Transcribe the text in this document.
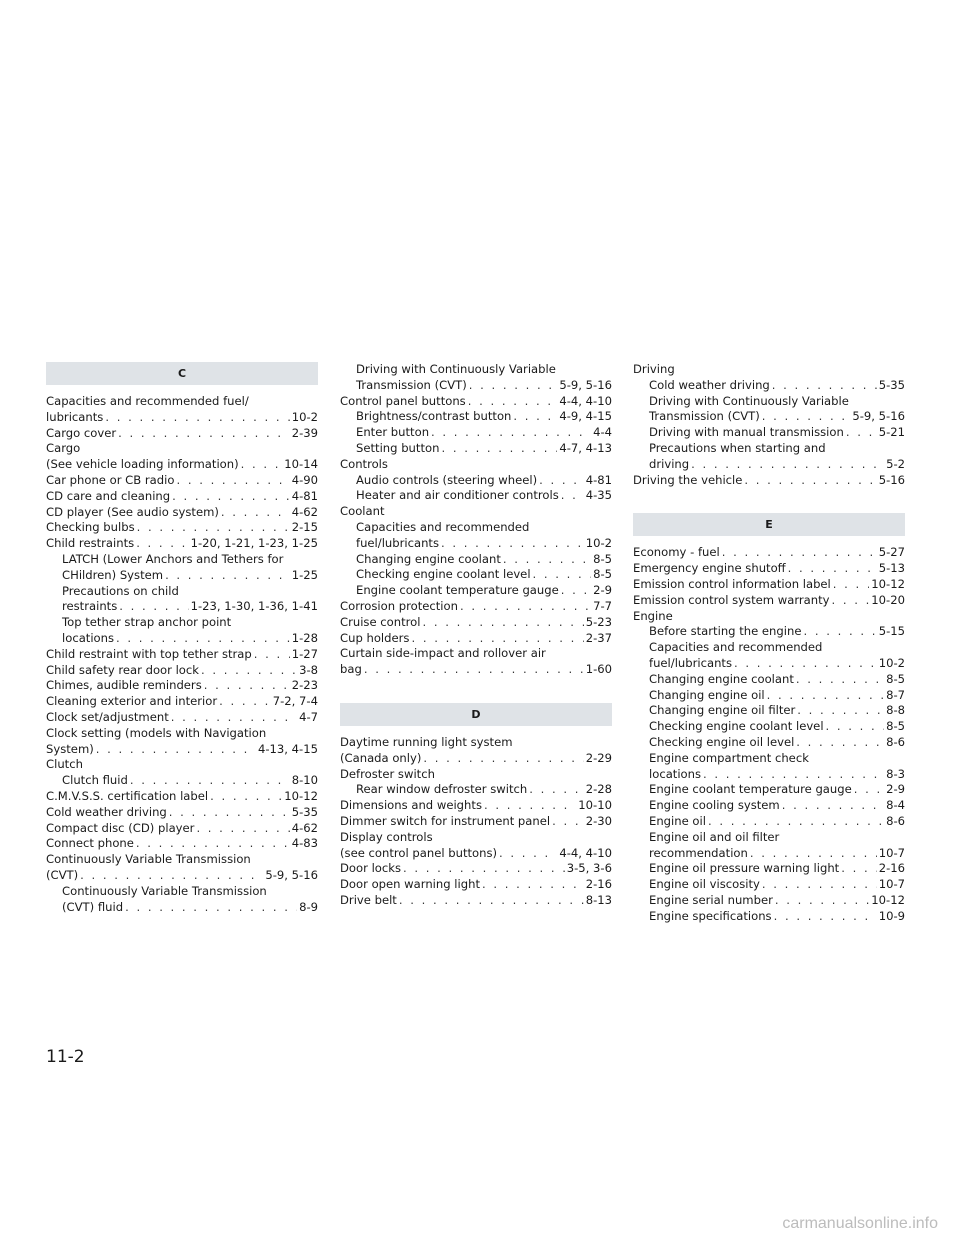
C
Capacities and recommended fuel/
lubricants . . .	10-2
Cargo cover . . .	2-39
Cargo
(See vehicle loading information) . . .	10-14
Car phone or CB radio . . .	4-90
CD care and cleaning . . .	4-81
CD player (See audio system) . . .	4-62
Checking bulbs . . .	2-15
Child restraints . . .	1-20, 1-21, 1-23, 1-25
LATCH (Lower Anchors and Tethers for
CHildren) System . . .	1-25
Precautions on child
restraints . . .	1-23, 1-30, 1-36, 1-41
Top tether strap anchor point
locations . . .	1-28
Child restraint with top tether strap . . .	1-27
Child safety rear door lock . . .	3-8
Chimes, audible reminders . . .	2-23
Cleaning exterior and interior . . .	7-2, 7-4
Clock set/adjustment . . .	4-7
Clock setting (models with Navigation
System) . . .	4-13, 4-15
Clutch
Clutch fluid . . .	8-10
C.M.V.S.S. certification label . . .	10-12
Cold weather driving . . .	5-35
Compact disc (CD) player . . .	4-62
Connect phone . . .	4-83
Continuously Variable Transmission
(CVT) . . .	5-9, 5-16
Continuously Variable Transmission
(CVT) fluid . . .	8-9
Driving with Continuously Variable
Transmission (CVT) . . .	5-9, 5-16
Control panel buttons . . .	4-4, 4-10
Brightness/contrast button . . .	4-9, 4-15
Enter button . . .	4-4
Setting button . . .	4-7, 4-13
Controls
Audio controls (steering wheel) . . .	4-81
Heater and air conditioner controls . . . 4-35
Coolant
Capacities and recommended
fuel/lubricants . . .	10-2
Changing engine coolant . . .	8-5
Checking engine coolant level . . .	8-5
Engine coolant temperature gauge . . .	2-9
Corrosion protection . . .	7-7
Cruise control . . .	5-23
Cup holders . . .	2-37
Curtain side-impact and rollover air
bag . . .	1-60
D
Daytime running light system
(Canada only) . . .	2-29
Defroster switch
Rear window defroster switch . . .	2-28
Dimensions and weights . . .	10-10
Dimmer switch for instrument panel . . .	2-30
Display controls
(see control panel buttons) . . .	4-4, 4-10
Door locks . . .	3-5, 3-6
Door open warning light . . .	2-16
Drive belt . . .	8-13
Driving
Cold weather driving . . .	5-35
Driving with Continuously Variable
Transmission (CVT) . . .	5-9, 5-16
Driving with manual transmission . . .	5-21
Precautions when starting and
driving . . .	5-2
Driving the vehicle . . .	5-16
E
Economy - fuel . . .	5-27
Emergency engine shutoff . . .	5-13
Emission control information label . . .	10-12
Emission control system warranty . . .	10-20
Engine
Before starting the engine . . .	5-15
Capacities and recommended
fuel/lubricants . . .	10-2
Changing engine coolant . . .	8-5
Changing engine oil . . .	8-7
Changing engine oil filter . . .	8-8
Checking engine coolant level . . .	8-5
Checking engine oil level . . .	8-6
Engine compartment check
locations . . .	8-3
Engine coolant temperature gauge . . .	2-9
Engine cooling system . . .	8-4
Engine oil . . .	8-6
Engine oil and oil filter
recommendation . . .	10-7
Engine oil pressure warning light . . .	2-16
Engine oil viscosity . . .	10-7
Engine serial number . . .	10-12
Engine specifications . . .	10-9
11-2
carmanualsonline.info
